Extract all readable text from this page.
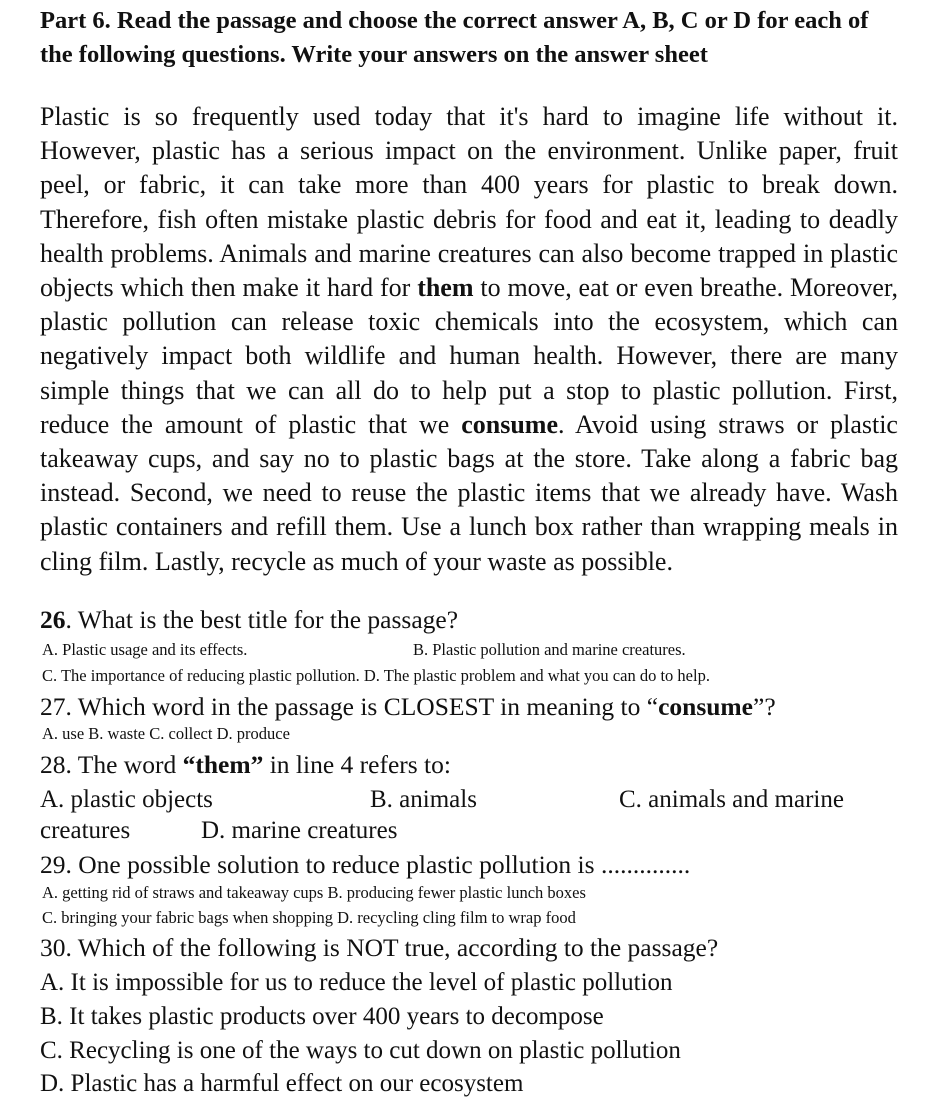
Part 6. Read the passage and choose the correct answer A, B, C or D for each of the following questions. Write your answers on the answer sheet
Plastic is so frequently used today that it's hard to imagine life without it. However, plastic has a serious impact on the environment. Unlike paper, fruit peel, or fabric, it can take more than 400 years for plastic to break down. Therefore, fish often mistake plastic debris for food and eat it, leading to deadly health problems. Animals and marine creatures can also become trapped in plastic objects which then make it hard for them to move, eat or even breathe. Moreover, plastic pollution can release toxic chemicals into the ecosystem, which can negatively impact both wildlife and human health. However, there are many simple things that we can all do to help put a stop to plastic pollution. First, reduce the amount of plastic that we consume. Avoid using straws or plastic takeaway cups, and say no to plastic bags at the store. Take along a fabric bag instead. Second, we need to reuse the plastic items that we already have. Wash plastic containers and refill them. Use a lunch box rather than wrapping meals in cling film. Lastly, recycle as much of your waste as possible.
26. What is the best title for the passage?
A. Plastic usage and its effects.	B. Plastic pollution and marine creatures.
C. The importance of reducing plastic pollution. D. The plastic problem and what you can do to help.
27. Which word in the passage is CLOSEST in meaning to “consume”?
A. use B. waste C. collect D. produce
28. The word “them” in line 4 refers to:
A. plastic objects	B. animals	C. animals and marine
creatures	D. marine creatures
29. One possible solution to reduce plastic pollution is ..............
A. getting rid of straws and takeaway cups B. producing fewer plastic lunch boxes
C. bringing your fabric bags when shopping D. recycling cling film to wrap food
30. Which of the following is NOT true, according to the passage?
A. It is impossible for us to reduce the level of plastic pollution
B. It takes plastic products over 400 years to decompose
C. Recycling is one of the ways to cut down on plastic pollution
D. Plastic has a harmful effect on our ecosystem
